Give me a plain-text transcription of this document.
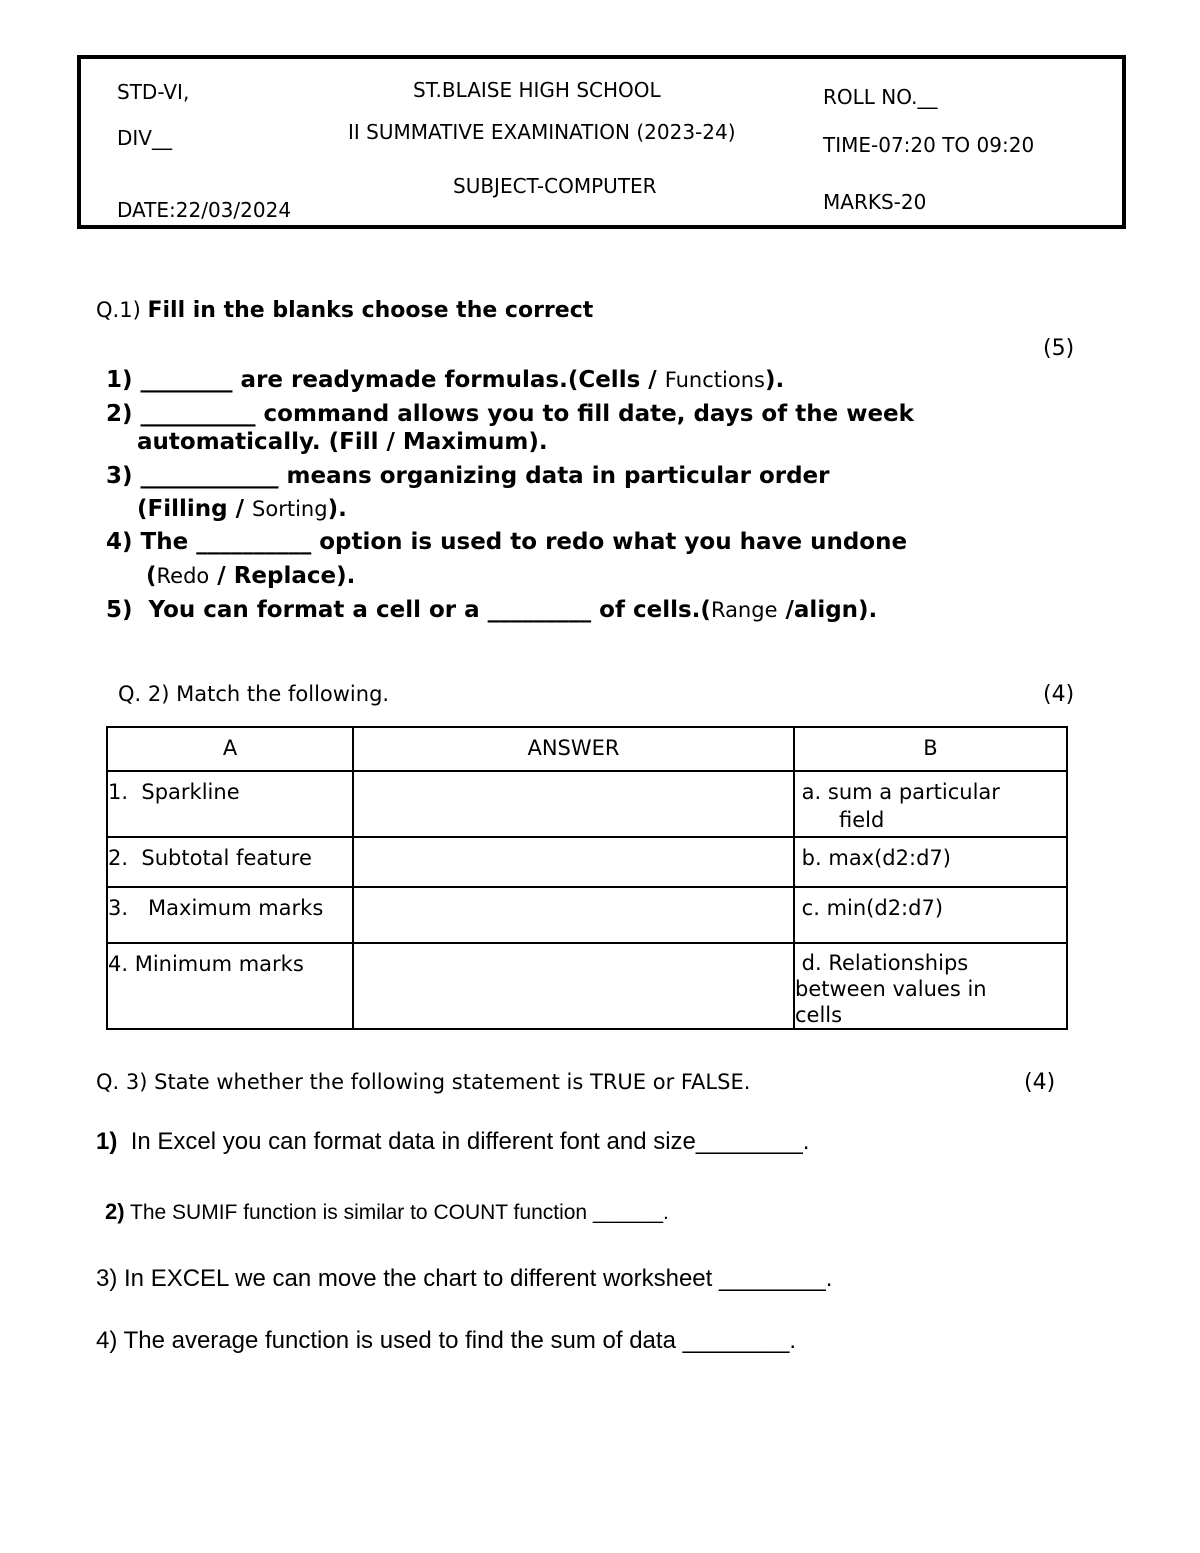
STD-VI,
DIV__
DATE:22/03/2024
ST.BLAISE HIGH SCHOOL
II SUMMATIVE EXAMINATION (2023-24)
SUBJECT-COMPUTER
ROLL NO.__
TIME-07:20 TO 09:20
MARKS-20
Q.1) Fill in the blanks choose the correct
(5)
1) ________ are readymade formulas.(Cells / Functions).
2) __________ command allows you to fill date, days of the week
automatically. (Fill / Maximum).
3) ____________ means organizing data in particular order
(Filling / Sorting).
4) The __________ option is used to redo what you have undone
(Redo / Replace).
5) You can format a cell or a _________ of cells.(Range /align).
Q. 2) Match the following.	(4)
A	ANSWER	B
1.  Sparkline		a. sum a particular
field

2.  Subtotal feature		b. max(d2:d7)

3.   Maximum marks		c. min(d2:d7)

4. Minimum marks		d. Relationships
between values in
cells
Q. 3) State whether the following statement is TRUE or FALSE.	(4)
1) In Excel you can format data in different font and size________.
2) The SUMIF function is similar to COUNT function ______.
3) In EXCEL we can move the chart to different worksheet ________.
4) The average function is used to find the sum of data ________.
